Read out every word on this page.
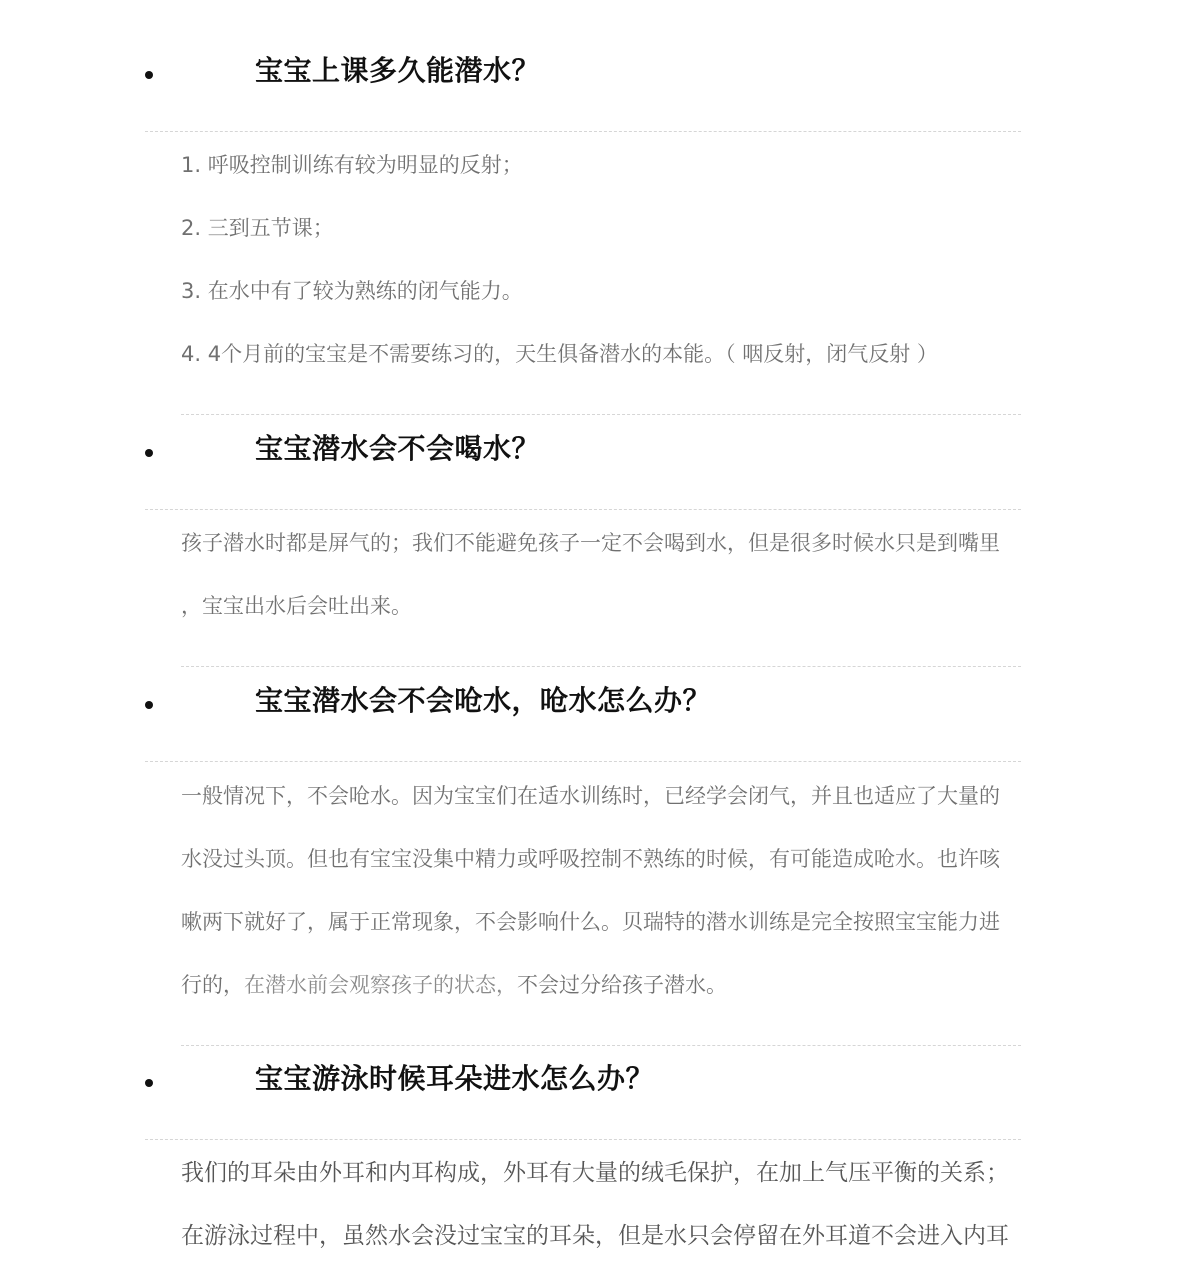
宝宝上课多久能潜水？
1. 呼吸控制训练有较为明显的反射；
2. 三到五节课；
3. 在水中有了较为熟练的闭气能力。
4. 4个月前的宝宝是不需要练习的，天生俱备潜水的本能。（ 咽反射，闭气反射 ）
宝宝潜水会不会喝水？
孩子潜水时都是屏气的；我们不能避免孩子一定不会喝到水，但是很多时候水只是到嘴里
，宝宝出水后会吐出来。
宝宝潜水会不会呛水，呛水怎么办？
一般情况下，不会呛水。因为宝宝们在适水训练时，已经学会闭气，并且也适应了大量的
水没过头顶。但也有宝宝没集中精力或呼吸控制不熟练的时候，有可能造成呛水。也许咳
嗽两下就好了，属于正常现象，不会影响什么。贝瑞特的潜水训练是完全按照宝宝能力进
行的，在潜水前会观察孩子的状态，不会过分给孩子潜水。
宝宝游泳时候耳朵进水怎么办？
我们的耳朵由外耳和内耳构成，外耳有大量的绒毛保护，在加上气压平衡的关系；
在游泳过程中，虽然水会没过宝宝的耳朵，但是水只会停留在外耳道不会进入内耳
